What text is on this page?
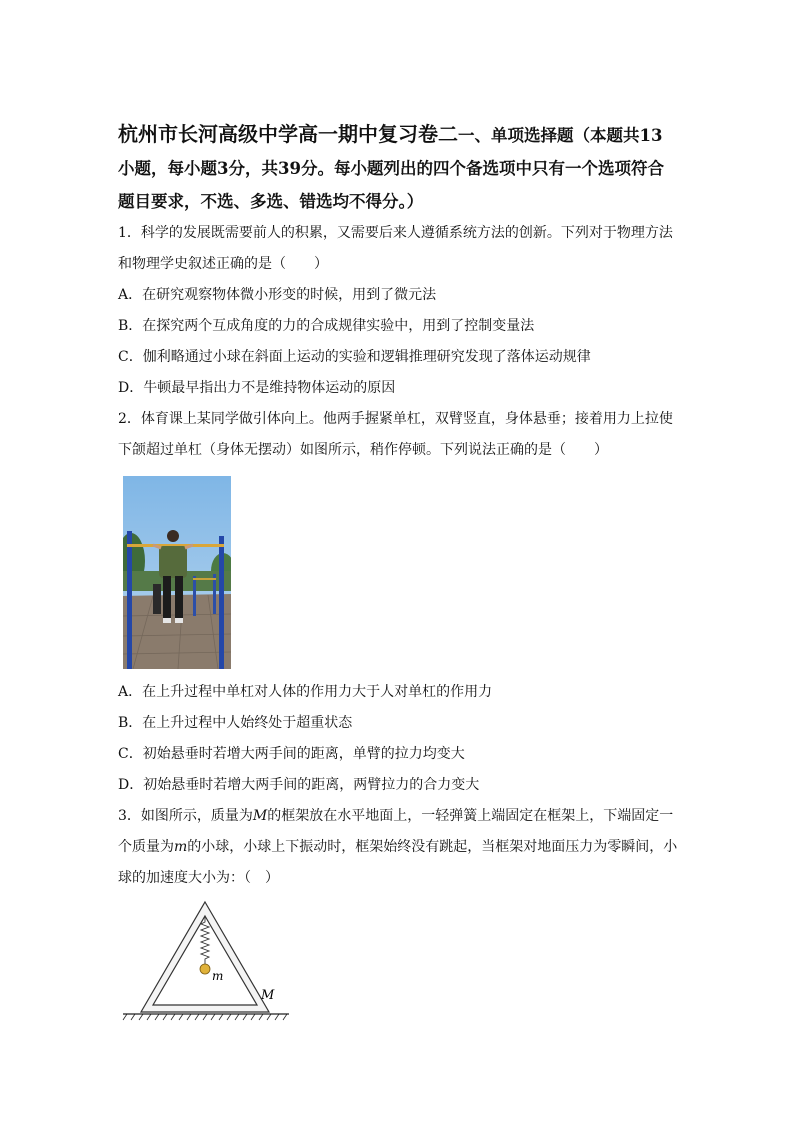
杭州市长河高级中学高一期中复习卷二一、单项选择题（本题共13小题，每小题3分，共39分。每小题列出的四个备选项中只有一个选项符合题目要求，不选、多选、错选均不得分。）
1．科学的发展既需要前人的积累，又需要后来人遵循系统方法的创新。下列对于物理方法和物理学史叙述正确的是（　　）
A．在研究观察物体微小形变的时候，用到了微元法
B．在探究两个互成角度的力的合成规律实验中，用到了控制变量法
C．伽利略通过小球在斜面上运动的实验和逻辑推理研究发现了落体运动规律
D．牛顿最早指出力不是维持物体运动的原因
2．体育课上某同学做引体向上。他两手握紧单杠，双臂竖直，身体悬垂；接着用力上拉使下颌超过单杠（身体无摆动）如图所示，稍作停顿。下列说法正确的是（　　）
A．在上升过程中单杠对人体的作用力大于人对单杠的作用力
B．在上升过程中人始终处于超重状态
C．初始悬垂时若增大两手间的距离，单臂的拉力均变大
D．初始悬垂时若增大两手间的距离，两臂拉力的合力变大
3．如图所示，质量为M的框架放在水平地面上，一轻弹簧上端固定在框架上，下端固定一个质量为m的小球，小球上下振动时，框架始终没有跳起，当框架对地面压力为零瞬间，小球的加速度大小为：（　）
m
M
